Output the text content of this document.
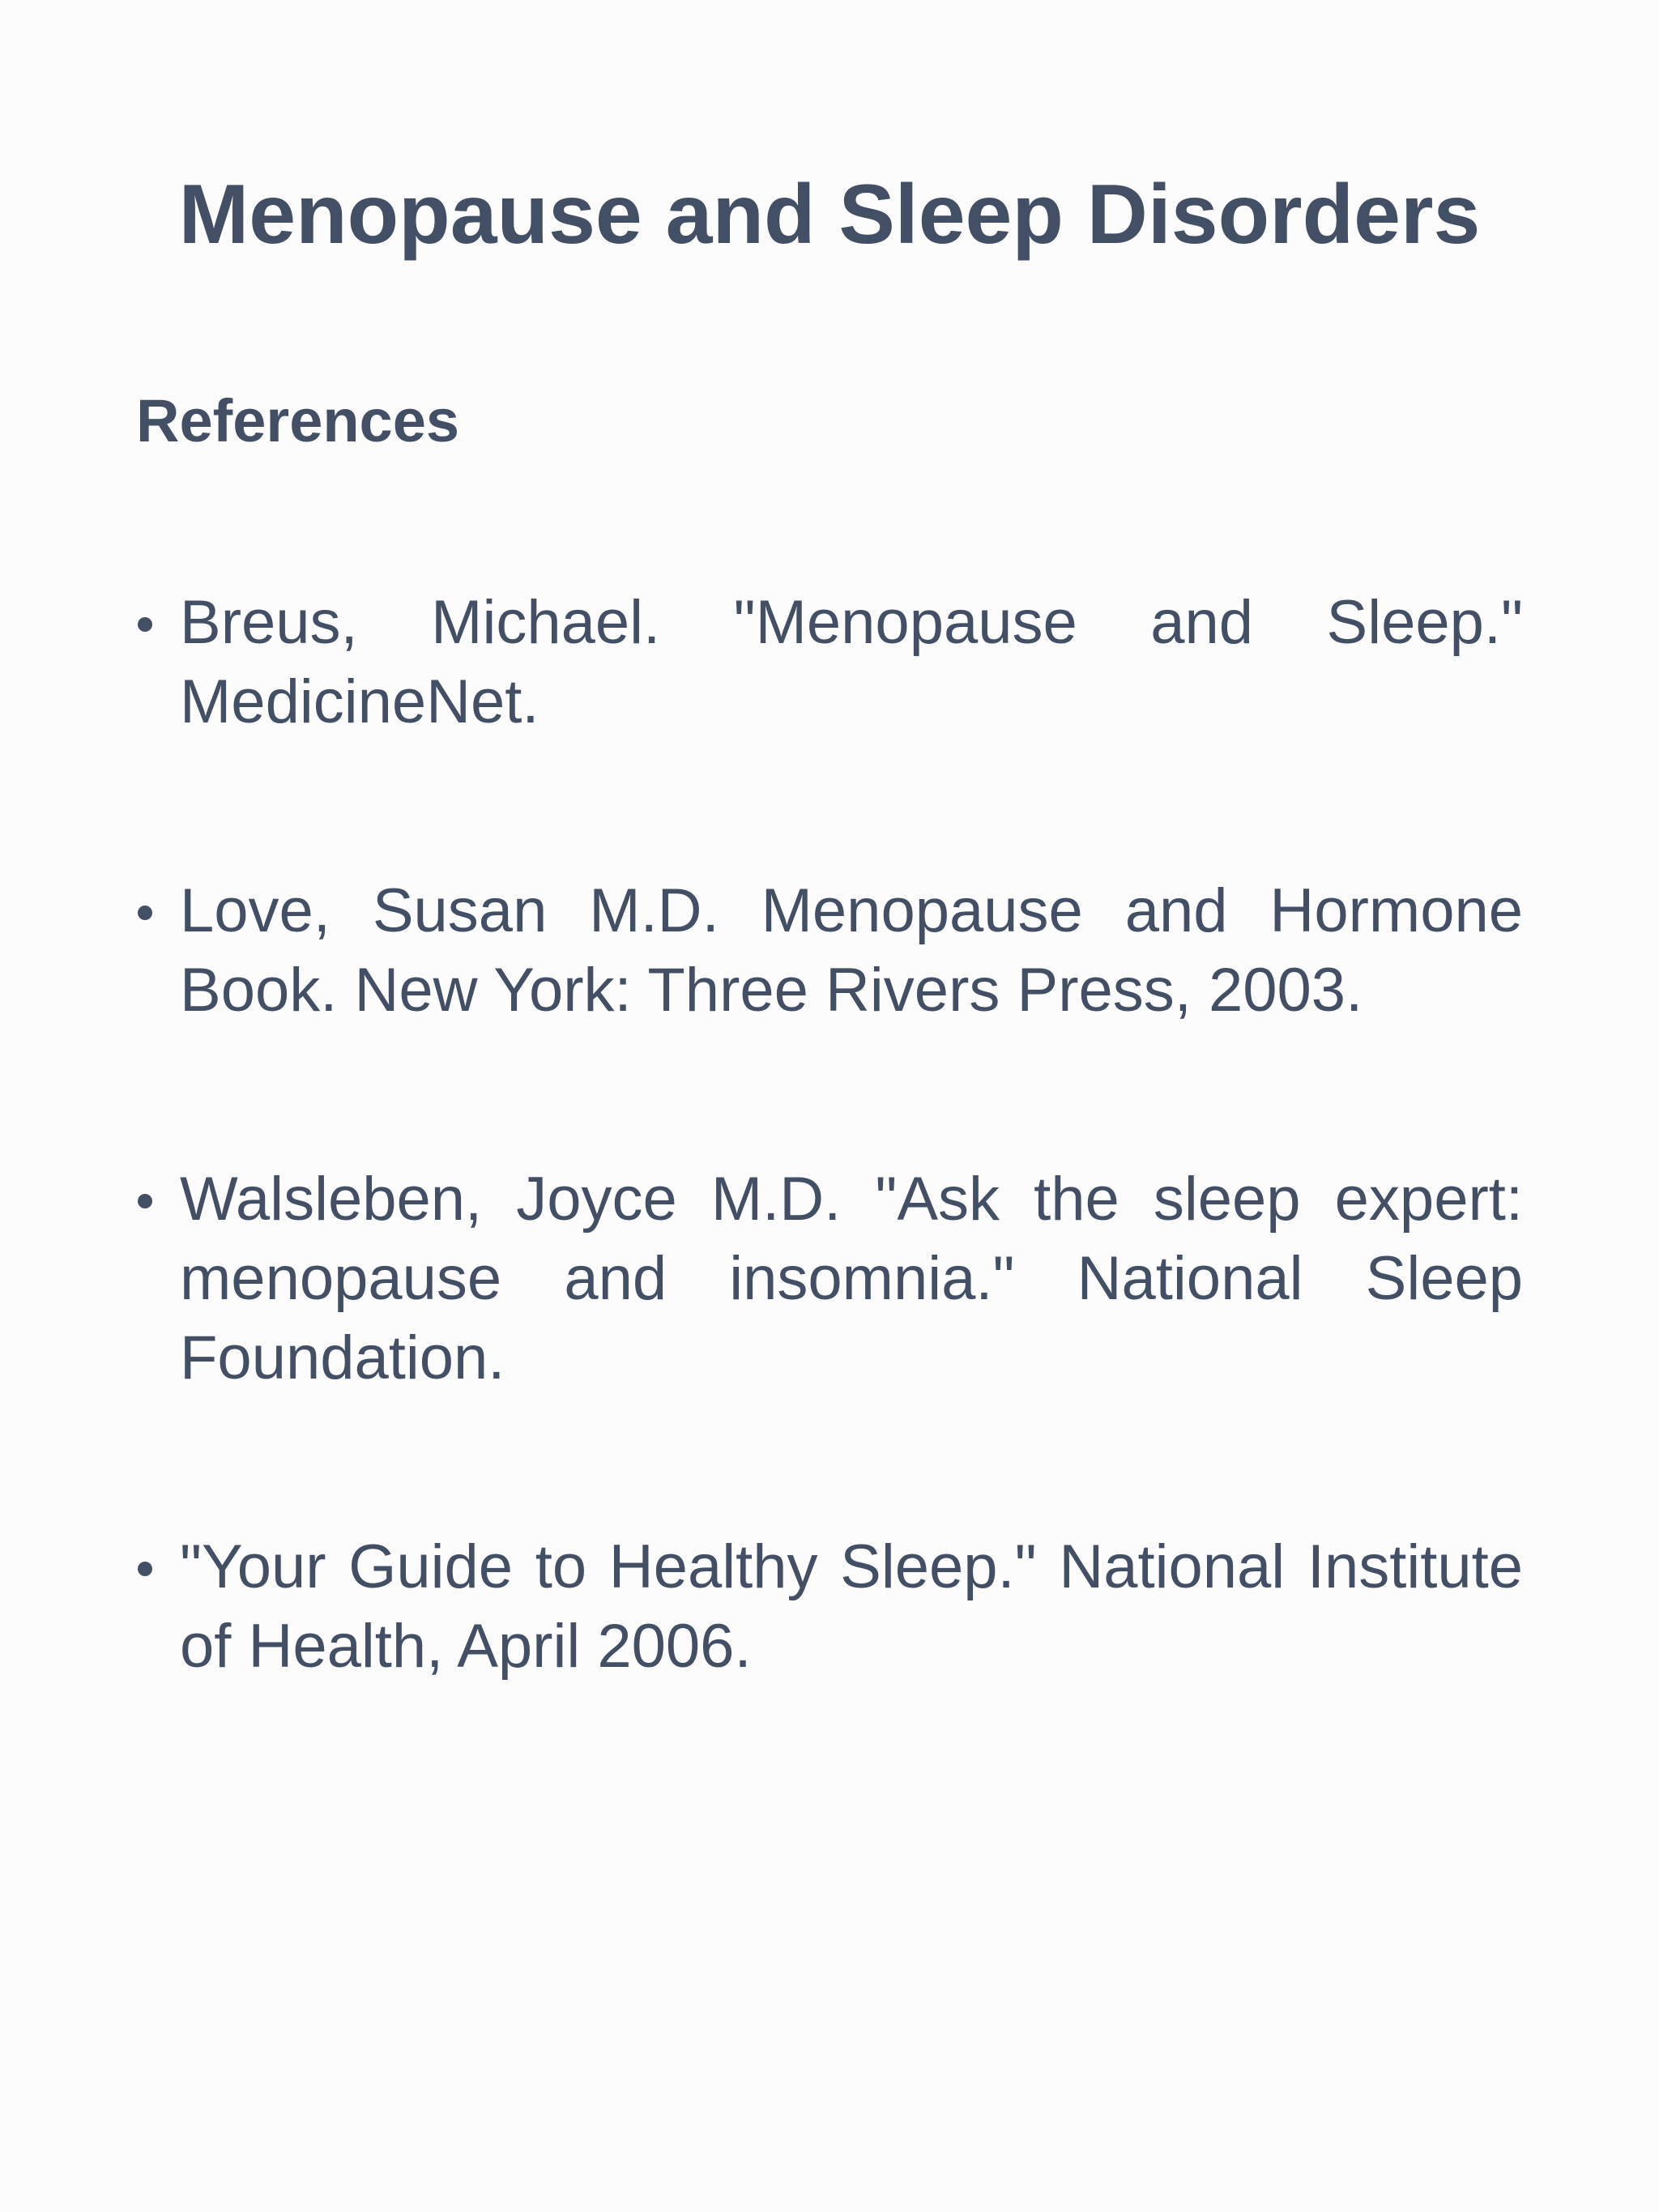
Menopause and Sleep Disorders
References
Breus, Michael. "Menopause and Sleep." MedicineNet.
Love, Susan M.D. Menopause and Hormone Book. New York: Three Rivers Press, 2003.
Walsleben, Joyce M.D. "Ask the sleep expert: menopause and insomnia." National Sleep Foundation.
"Your Guide to Healthy Sleep." National Institute of Health, April 2006.
